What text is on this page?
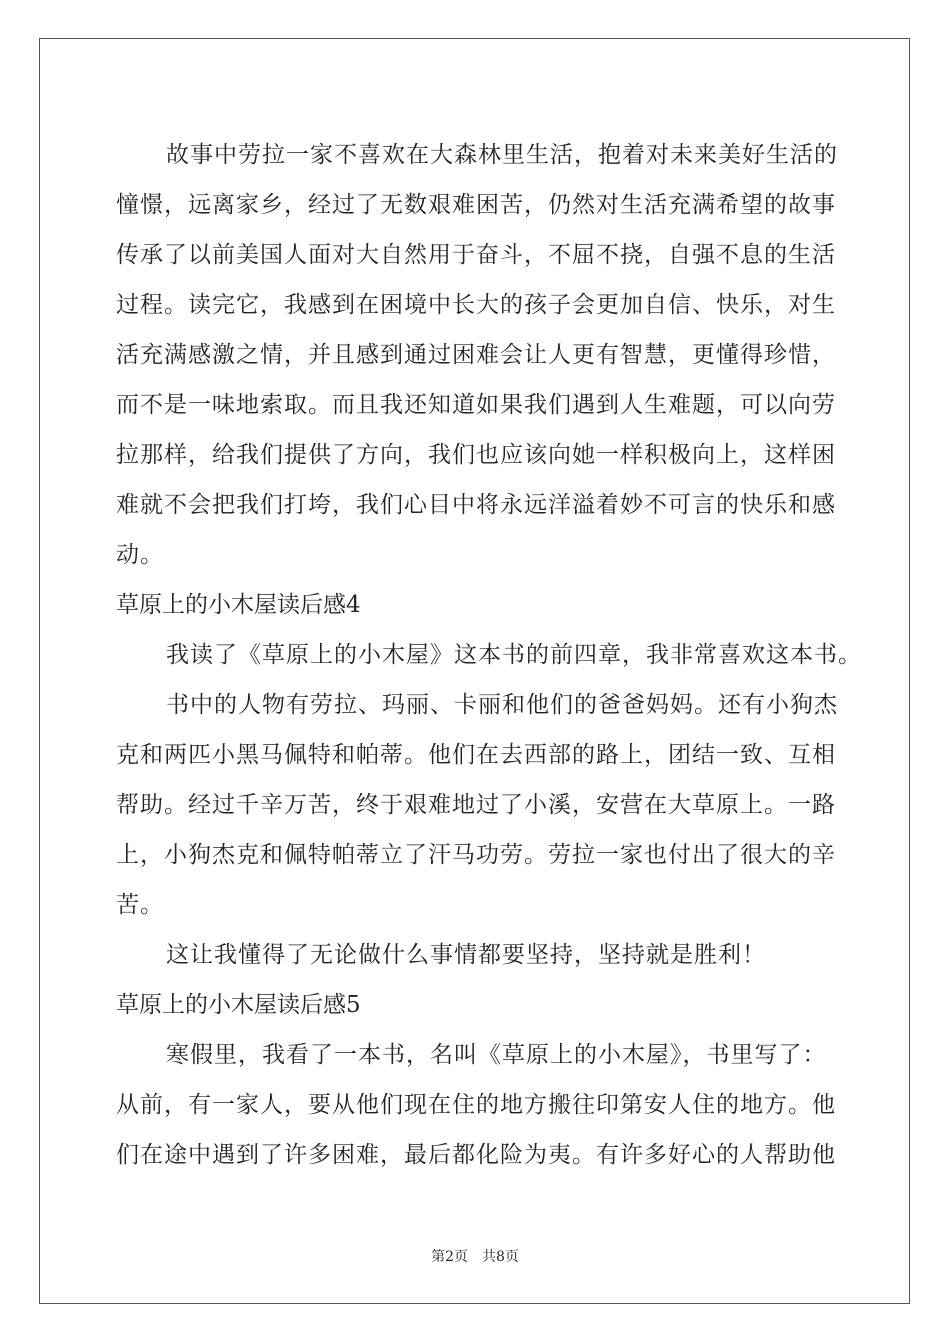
故事中劳拉一家不喜欢在大森林里生活，抱着对未来美好生活的
憧憬，远离家乡，经过了无数艰难困苦，仍然对生活充满希望的故事
传承了以前美国人面对大自然用于奋斗，不屈不挠，自强不息的生活
过程。读完它，我感到在困境中长大的孩子会更加自信、快乐，对生
活充满感激之情，并且感到通过困难会让人更有智慧，更懂得珍惜，
而不是一味地索取。而且我还知道如果我们遇到人生难题，可以向劳
拉那样，给我们提供了方向，我们也应该向她一样积极向上，这样困
难就不会把我们打垮，我们心目中将永远洋溢着妙不可言的快乐和感
动。
草原上的小木屋读后感4
我读了《草原上的小木屋》这本书的前四章，我非常喜欢这本书。
书中的人物有劳拉、玛丽、卡丽和他们的爸爸妈妈。还有小狗杰
克和两匹小黑马佩特和帕蒂。他们在去西部的路上，团结一致、互相
帮助。经过千辛万苦，终于艰难地过了小溪，安营在大草原上。一路
上，小狗杰克和佩特帕蒂立了汗马功劳。劳拉一家也付出了很大的辛
苦。
这让我懂得了无论做什么事情都要坚持，坚持就是胜利！
草原上的小木屋读后感5
寒假里，我看了一本书，名叫《草原上的小木屋》，书里写了：
从前，有一家人，要从他们现在住的地方搬往印第安人住的地方。他
们在途中遇到了许多困难，最后都化险为夷。有许多好心的人帮助他
第2页 共8页
